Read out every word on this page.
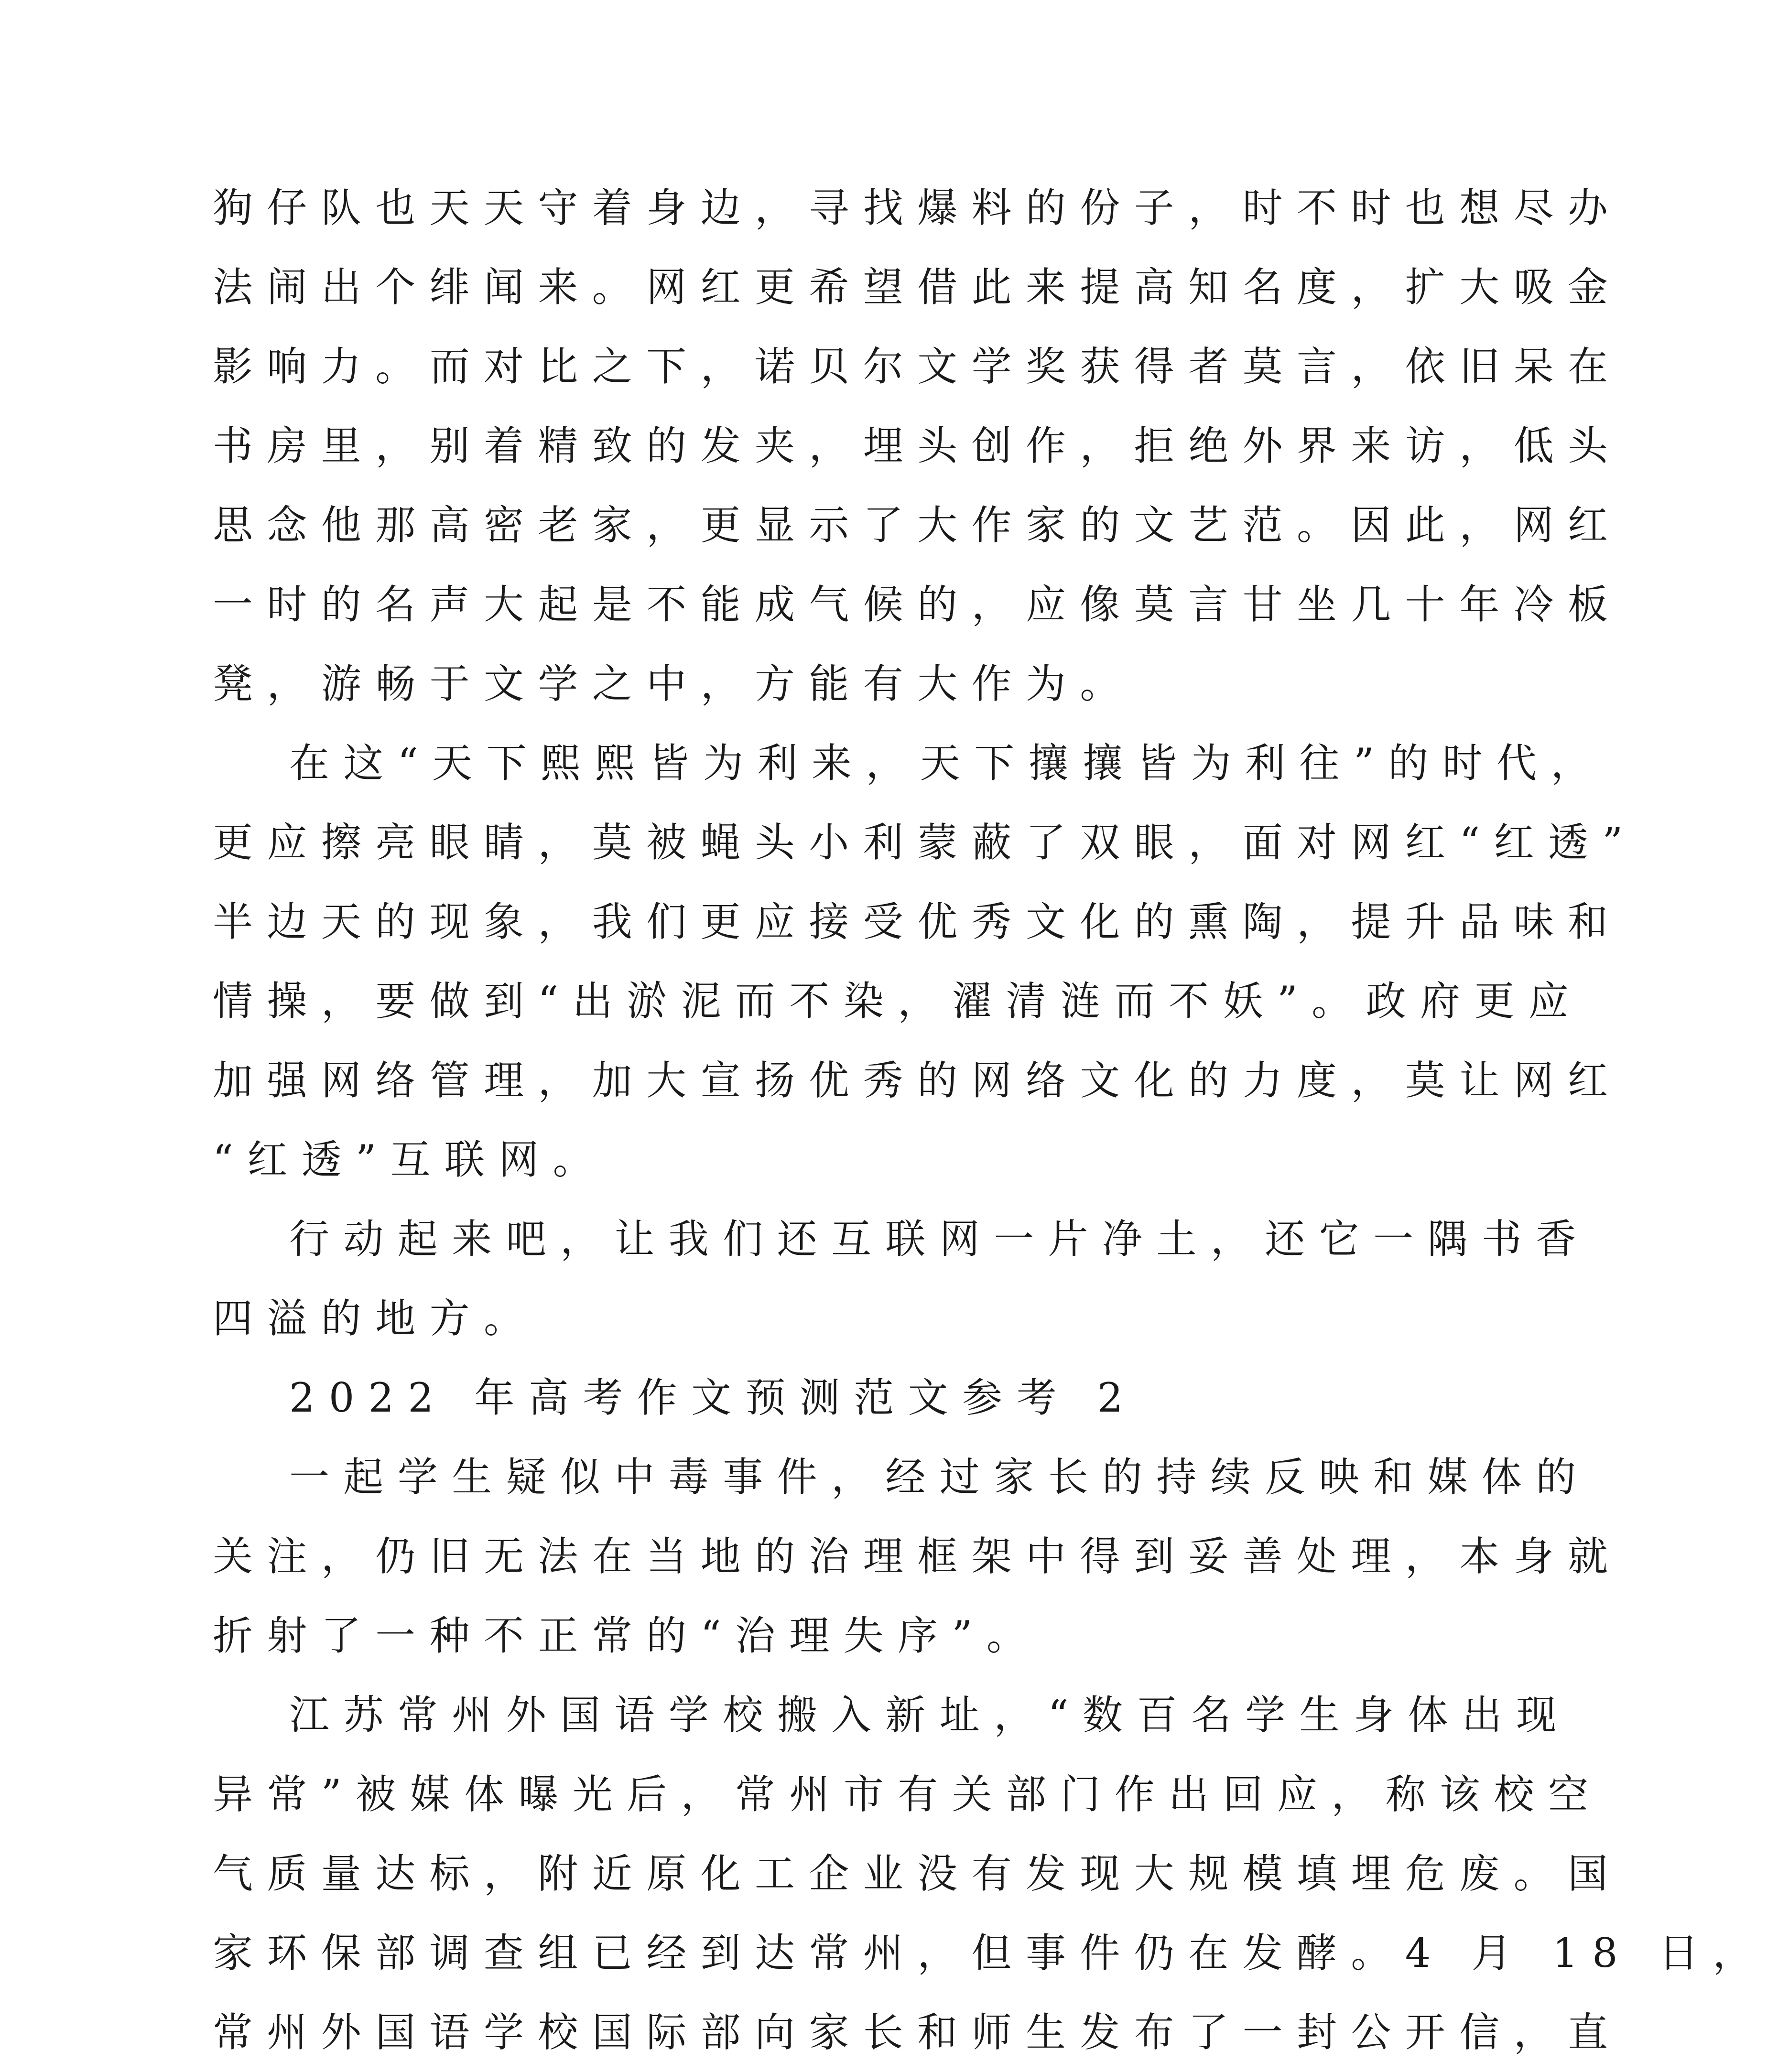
狗仔队也天天守着身边，寻找爆料的份子，时不时也想尽办
法闹出个绯闻来。网红更希望借此来提高知名度，扩大吸金
影响力。而对比之下，诺贝尔文学奖获得者莫言，依旧呆在
书房里，别着精致的发夹，埋头创作，拒绝外界来访，低头
思念他那高密老家，更显示了大作家的文艺范。因此，网红
一时的名声大起是不能成气候的，应像莫言甘坐几十年冷板
凳，游畅于文学之中，方能有大作为。
在这“天下熙熙皆为利来，天下攘攘皆为利往”的时代，
更应擦亮眼睛，莫被蝇头小利蒙蔽了双眼，面对网红“红透”
半边天的现象，我们更应接受优秀文化的熏陶，提升品味和
情操，要做到“出淤泥而不染，濯清涟而不妖”。政府更应
加强网络管理，加大宣扬优秀的网络文化的力度，莫让网红
“红透”互联网。
行动起来吧，让我们还互联网一片净土，还它一隅书香
四溢的地方。
2022 年高考作文预测范文参考 2
一起学生疑似中毒事件，经过家长的持续反映和媒体的
关注，仍旧无法在当地的治理框架中得到妥善处理，本身就
折射了一种不正常的“治理失序”。
江苏常州外国语学校搬入新址，“数百名学生身体出现
异常”被媒体曝光后，常州市有关部门作出回应，称该校空
气质量达标，附近原化工企业没有发现大规模填埋危废。国
家环保部调查组已经到达常州，但事件仍在发酵。4 月 18 日，
常州外国语学校国际部向家长和师生发布了一封公开信，直
